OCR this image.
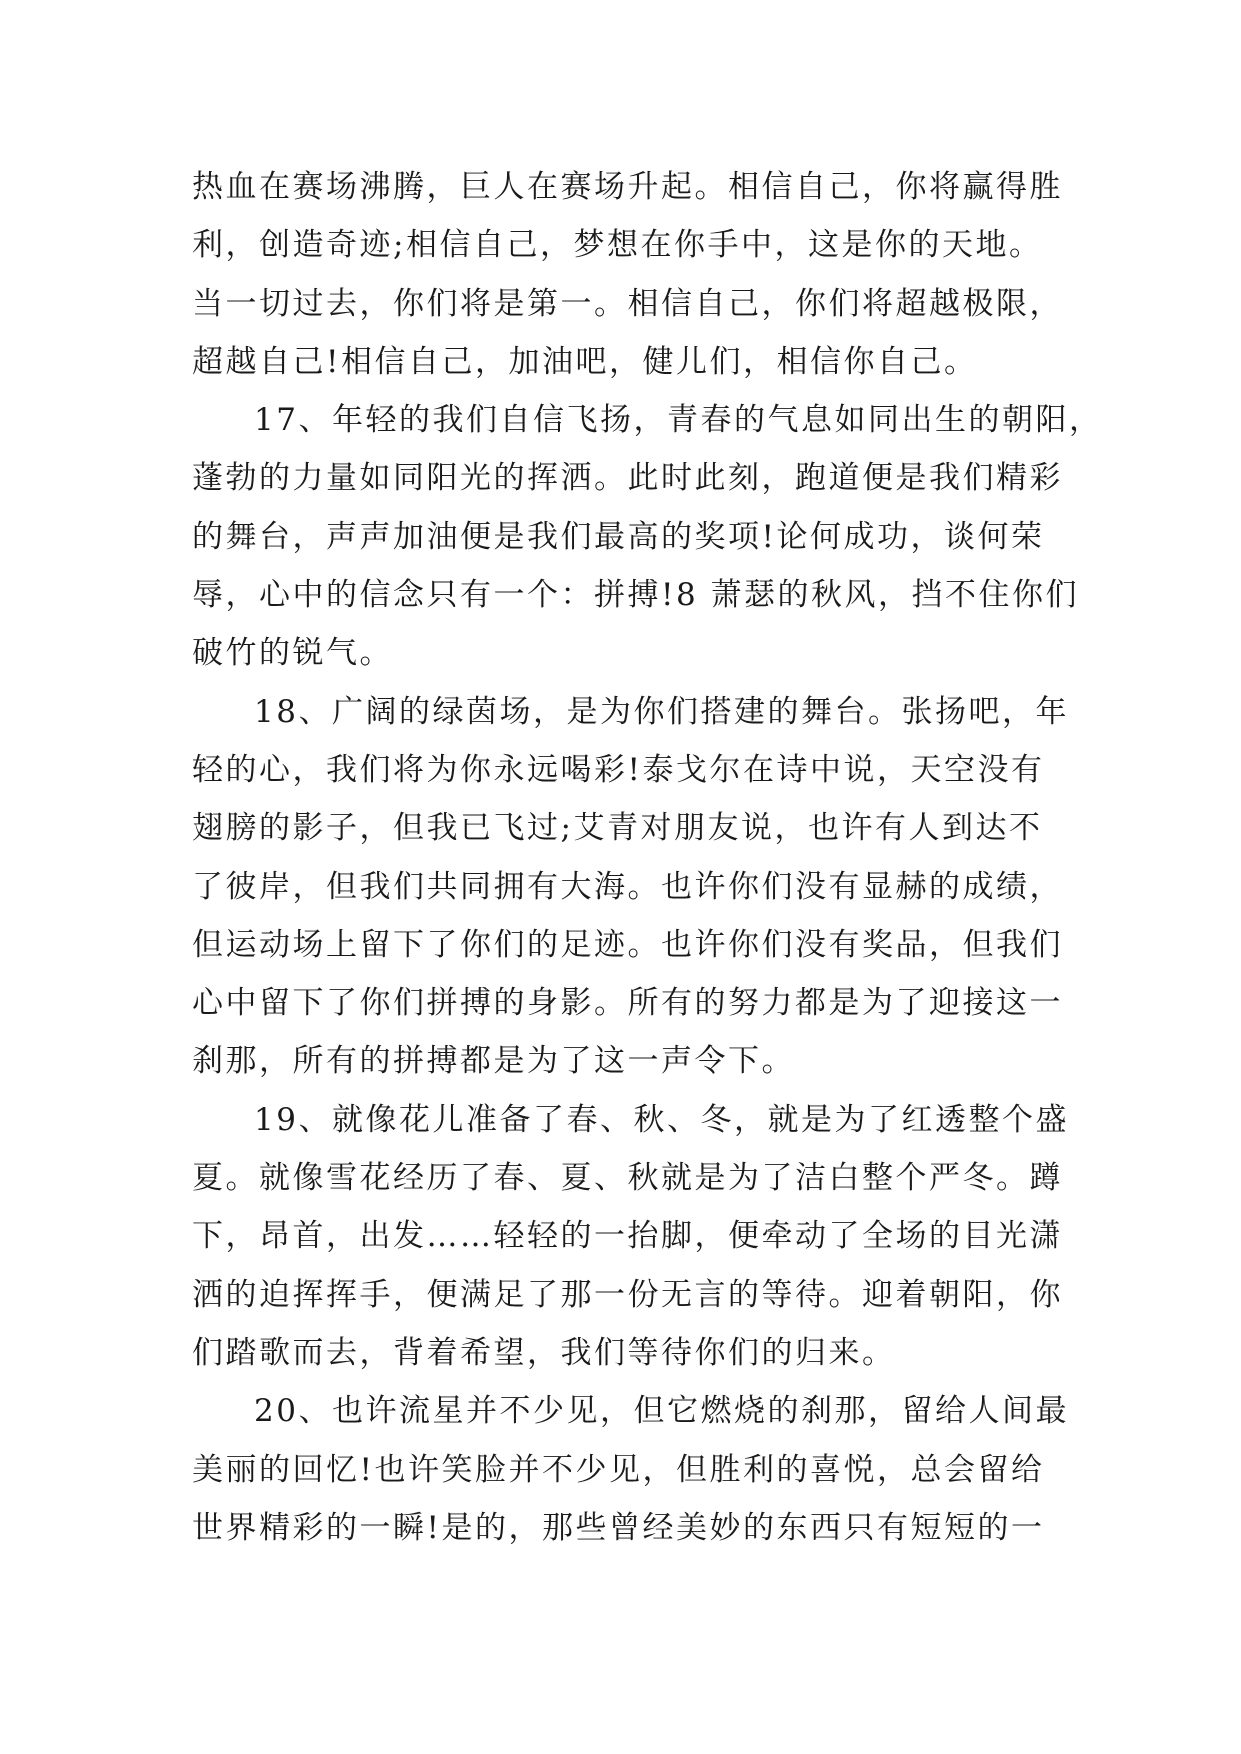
热血在赛场沸腾，巨人在赛场升起。相信自己，你将赢得胜
利，创造奇迹;相信自己，梦想在你手中，这是你的天地。
当一切过去，你们将是第一。相信自己，你们将超越极限，
超越自己!相信自己，加油吧，健儿们，相信你自己。
17、年轻的我们自信飞扬，青春的气息如同出生的朝阳，
蓬勃的力量如同阳光的挥洒。此时此刻，跑道便是我们精彩
的舞台，声声加油便是我们最高的奖项!论何成功，谈何荣
辱，心中的信念只有一个：拼搏!8 萧瑟的秋风，挡不住你们
破竹的锐气。
18、广阔的绿茵场，是为你们搭建的舞台。张扬吧，年
轻的心，我们将为你永远喝彩!泰戈尔在诗中说，天空没有
翅膀的影子，但我已飞过;艾青对朋友说，也许有人到达不
了彼岸，但我们共同拥有大海。也许你们没有显赫的成绩，
但运动场上留下了你们的足迹。也许你们没有奖品，但我们
心中留下了你们拼搏的身影。所有的努力都是为了迎接这一
刹那，所有的拼搏都是为了这一声令下。
19、就像花儿准备了春、秋、冬，就是为了红透整个盛
夏。就像雪花经历了春、夏、秋就是为了洁白整个严冬。蹲
下，昂首，出发……轻轻的一抬脚，便牵动了全场的目光潇
洒的迫挥挥手，便满足了那一份无言的等待。迎着朝阳，你
们踏歌而去，背着希望，我们等待你们的归来。
20、也许流星并不少见，但它燃烧的刹那，留给人间最
美丽的回忆!也许笑脸并不少见，但胜利的喜悦，总会留给
世界精彩的一瞬!是的，那些曾经美妙的东西只有短短的一
